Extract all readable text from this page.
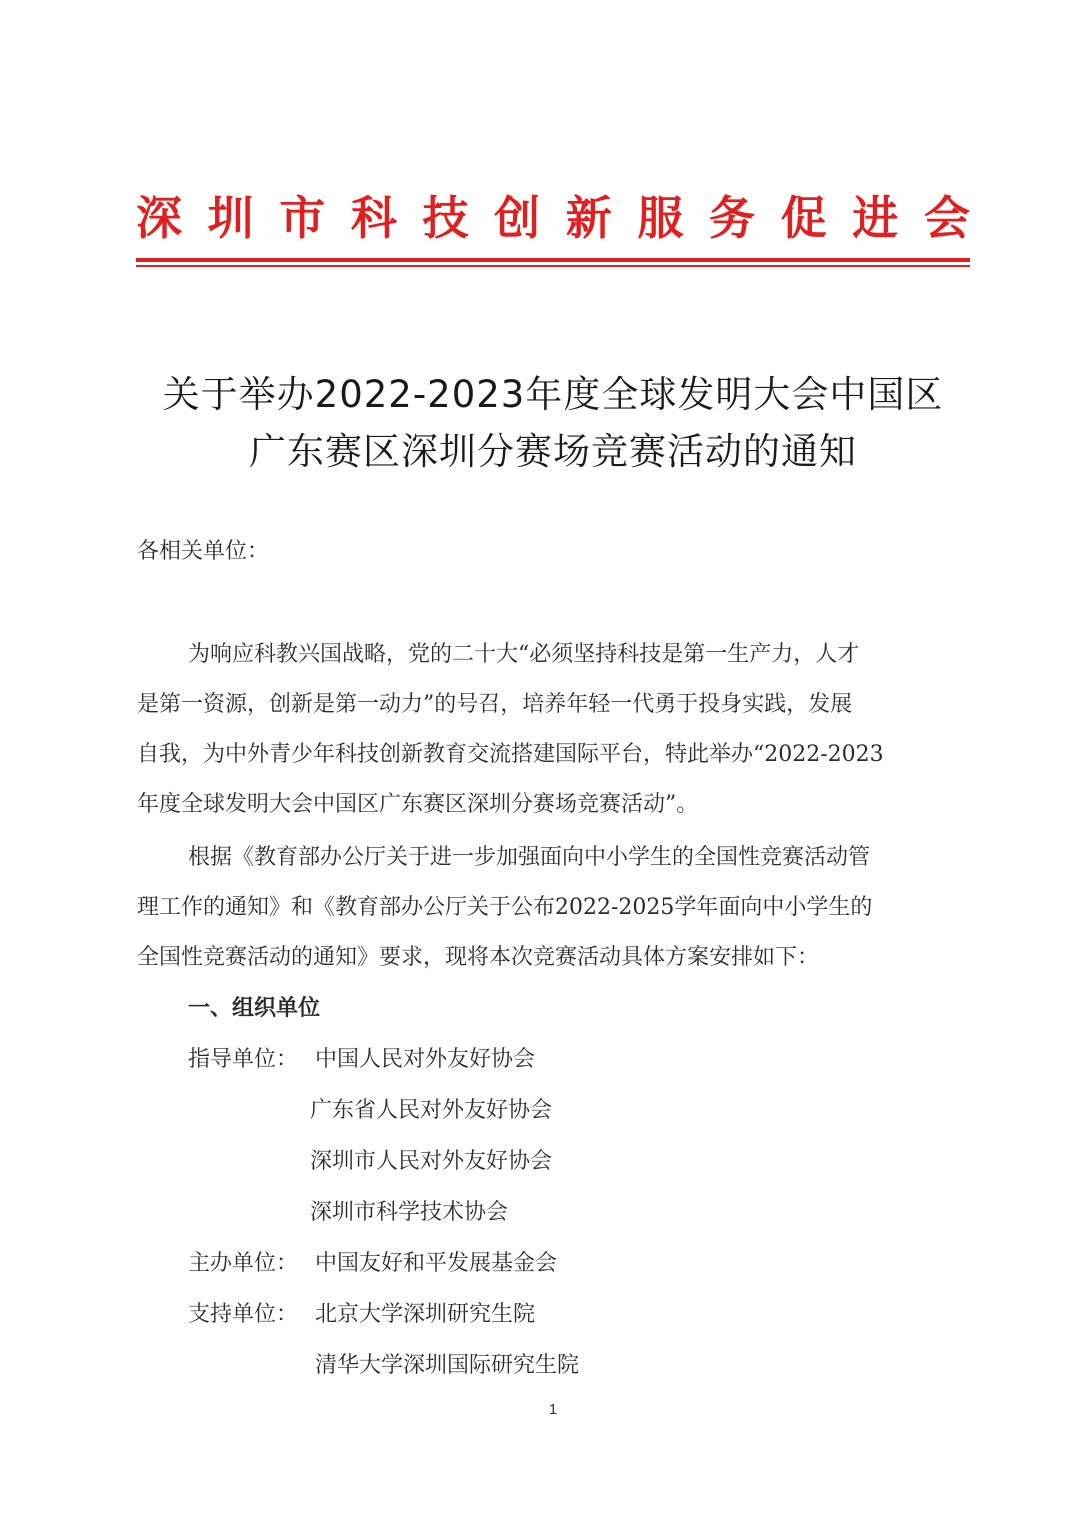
深 圳 市 科 技 创 新 服 务 促 进 会
关于举办2022-2023年度全球发明大会中国区
广东赛区深圳分赛场竞赛活动的通知
各相关单位：
为响应科教兴国战略，党的二十大“必须坚持科技是第一生产力，人才
是第一资源，创新是第一动力”的号召，培养年轻一代勇于投身实践，发展
自我，为中外青少年科技创新教育交流搭建国际平台，特此举办“2022-2023
年度全球发明大会中国区广东赛区深圳分赛场竞赛活动”。
根据《教育部办公厅关于进一步加强面向中小学生的全国性竞赛活动管
理工作的通知》和《教育部办公厅关于公布2022-2025学年面向中小学生的
全国性竞赛活动的通知》要求，现将本次竞赛活动具体方案安排如下：
一、组织单位
指导单位： 中国人民对外友好协会
广东省人民对外友好协会
深圳市人民对外友好协会
深圳市科学技术协会
主办单位： 中国友好和平发展基金会
支持单位： 北京大学深圳研究生院
清华大学深圳国际研究生院
1
